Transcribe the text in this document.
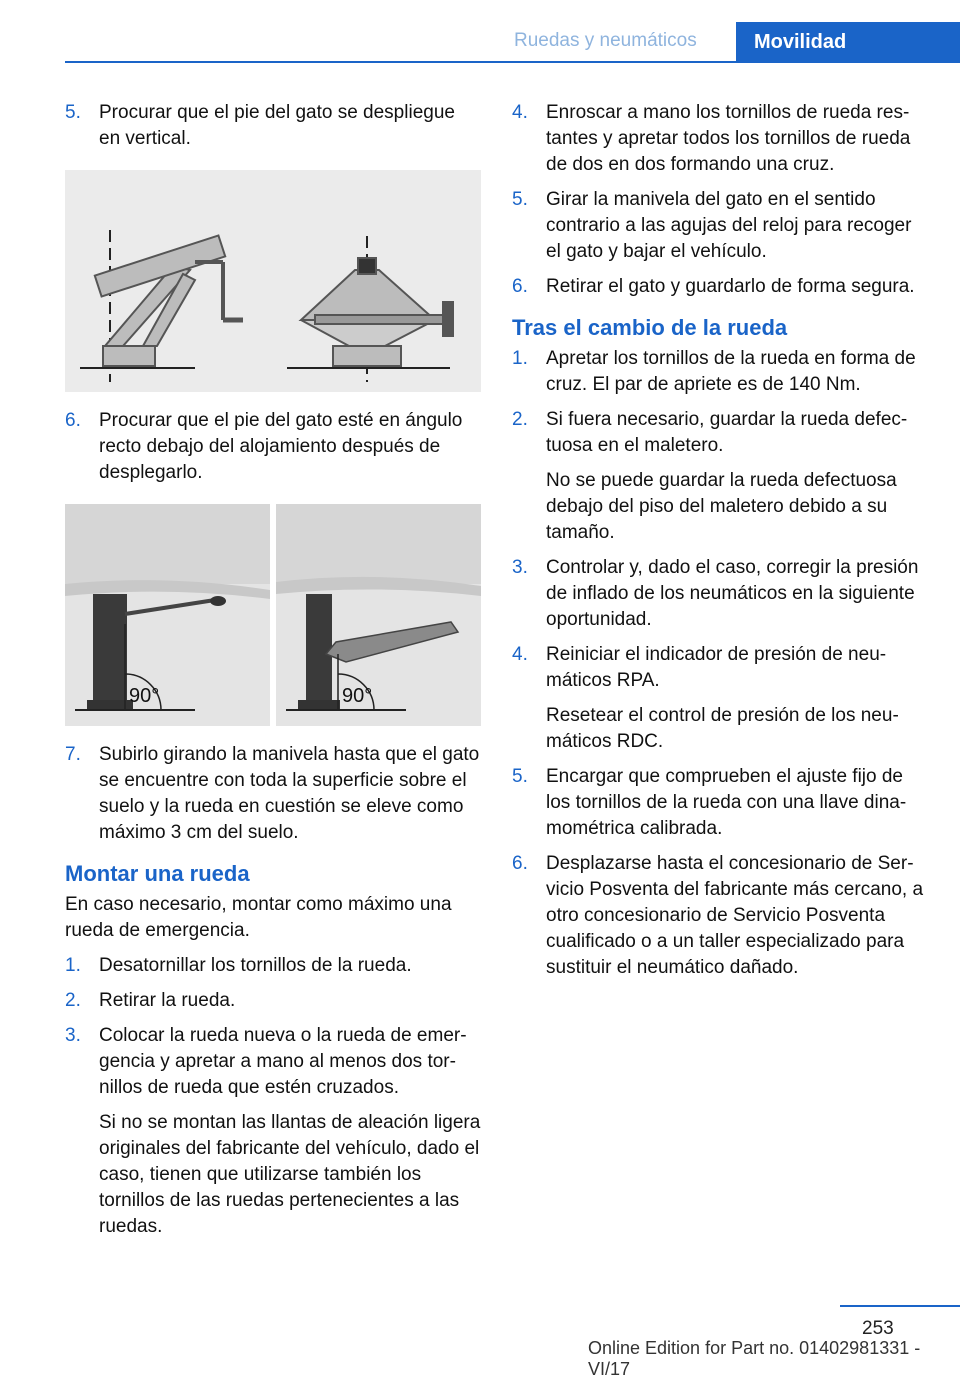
Ruedas y neumáticos	Movilidad
5. Procurar que el pie del gato se despliegue en vertical.
6. Procurar que el pie del gato esté en ángulo recto debajo del alojamiento después de desplegarlo.
90°	90°
7. Subirlo girando la manivela hasta que el gato se encuentre con toda la superficie sobre el suelo y la rueda en cuestión se eleve como máximo 3 cm del suelo.
Montar una rueda
En caso necesario, montar como máximo una rueda de emergencia.
1. Desatornillar los tornillos de la rueda.
2. Retirar la rueda.
3. Colocar la rueda nueva o la rueda de emergencia y apretar a mano al menos dos tornillos de rueda que estén cruzados.
Si no se montan las llantas de aleación ligera originales del fabricante del vehículo, dado el caso, tienen que utilizarse también los tornillos de las ruedas pertenecientes a las ruedas.
4. Enroscar a mano los tornillos de rueda restantes y apretar todos los tornillos de rueda de dos en dos formando una cruz.
5. Girar la manivela del gato en el sentido contrario a las agujas del reloj para recoger el gato y bajar el vehículo.
6. Retirar el gato y guardarlo de forma segura.
Tras el cambio de la rueda
1. Apretar los tornillos de la rueda en forma de cruz. El par de apriete es de 140 Nm.
2. Si fuera necesario, guardar la rueda defectuosa en el maletero.
No se puede guardar la rueda defectuosa debajo del piso del maletero debido a su tamaño.
3. Controlar y, dado el caso, corregir la presión de inflado de los neumáticos en la siguiente oportunidad.
4. Reiniciar el indicador de presión de neumáticos RPA.
Resetear el control de presión de los neumáticos RDC.
5. Encargar que comprueben el ajuste fijo de los tornillos de la rueda con una llave dinamométrica calibrada.
6. Desplazarse hasta el concesionario de Servicio Posventa del fabricante más cercano, a otro concesionario de Servicio Posventa cualificado o a un taller especializado para sustituir el neumático dañado.
253
Online Edition for Part no. 01402981331 - VI/17
